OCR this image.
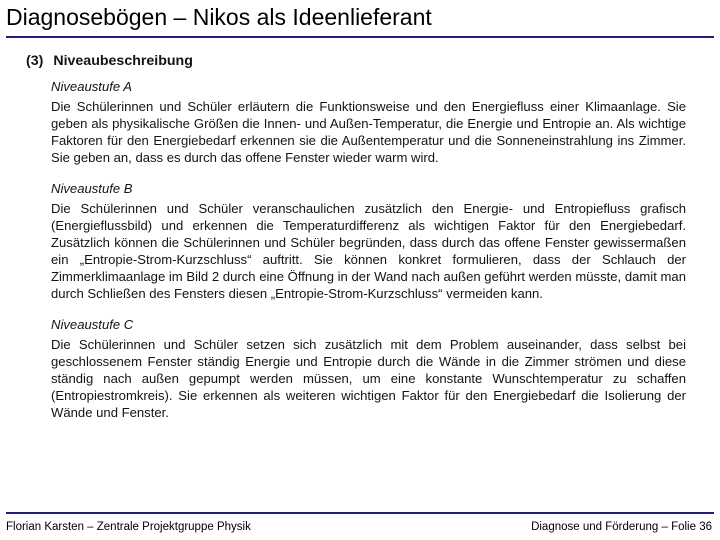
Diagnosebögen – Nikos als Ideenlieferant
(3) Niveaubeschreibung
Niveaustufe A
Die Schülerinnen und Schüler erläutern die Funktionsweise und den Energiefluss einer Klimaanlage. Sie geben als physikalische Größen die Innen- und Außen-Temperatur, die Energie und Entropie an. Als wichtige Faktoren für den Energiebedarf erkennen sie die Außentemperatur und die Sonneneinstrahlung ins Zimmer. Sie geben an, dass es durch das offene Fenster wieder warm wird.
Niveaustufe B
Die Schülerinnen und Schüler veranschaulichen zusätzlich den Energie- und Entropiefluss grafisch (Energieflussbild) und erkennen die Temperaturdifferenz als wichtigen Faktor für den Energiebedarf. Zusätzlich können die Schülerinnen und Schüler begründen, dass durch das offene Fenster gewissermaßen ein „Entropie-Strom-Kurzschluss“ auftritt. Sie können konkret formulieren, dass der Schlauch der Zimmerklimaanlage im Bild 2 durch eine Öffnung in der Wand nach außen geführt werden müsste, damit man durch Schließen des Fensters diesen „Entropie-Strom-Kurzschluss“ vermeiden kann.
Niveaustufe C
Die Schülerinnen und Schüler setzen sich zusätzlich mit dem Problem auseinander, dass selbst bei geschlossenem Fenster ständig Energie und Entropie durch die Wände in die Zimmer strömen und diese ständig nach außen gepumpt werden müssen, um eine konstante Wunschtemperatur zu schaffen (Entropiestromkreis). Sie erkennen als weiteren wichtigen Faktor für den Energiebedarf die Isolierung der Wände und Fenster.
Florian Karsten – Zentrale Projektgruppe Physik	Diagnose und Förderung – Folie 36
